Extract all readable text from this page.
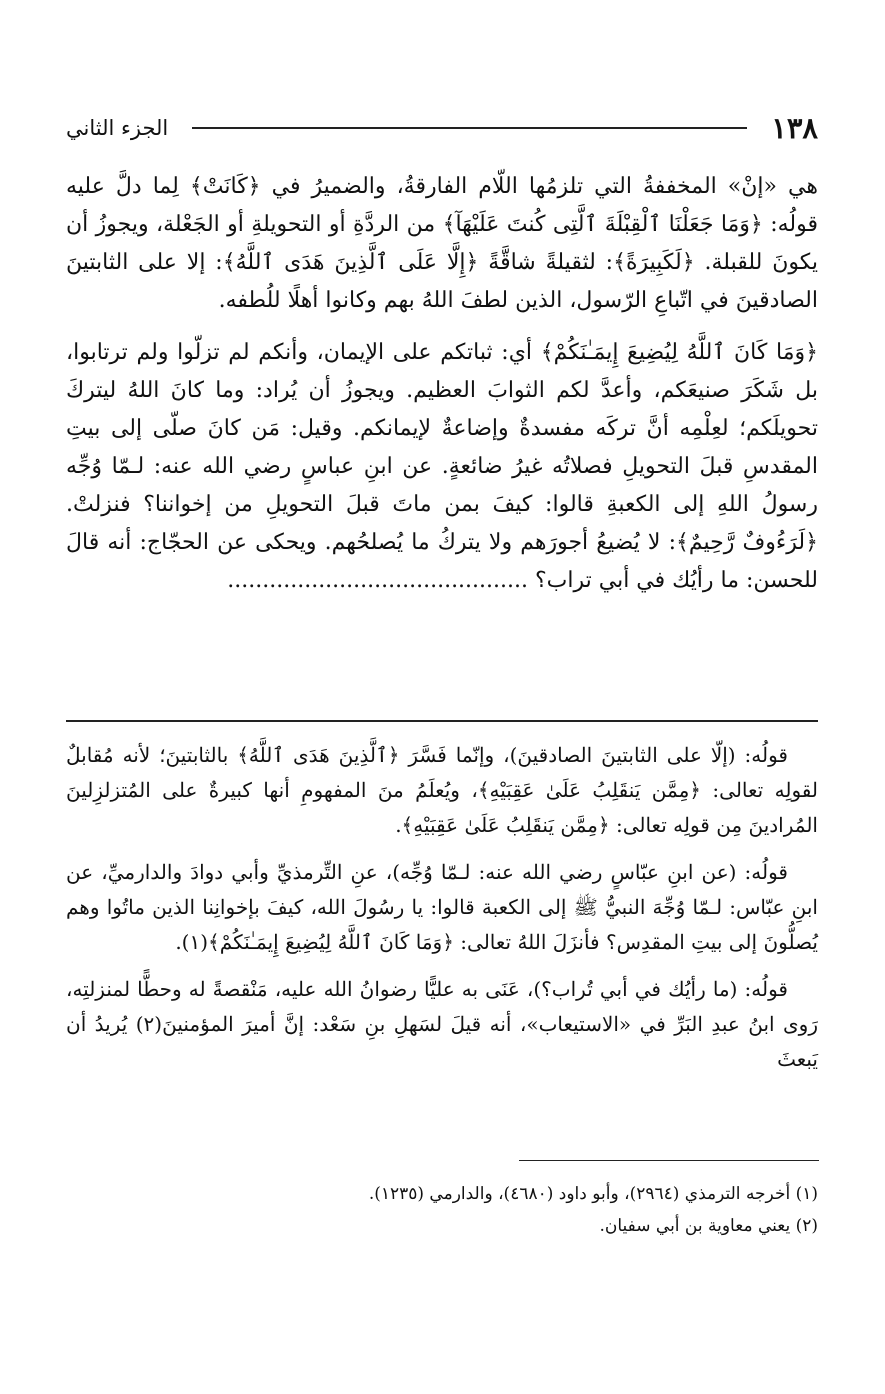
١٣٨
الجزء الثاني

هي «إنْ» المخففةُ التي تلزمُها اللّام الفارقةُ، والضميرُ في ﴿كَانَتْ﴾ لِما دلَّ عليه قولُه: ﴿وَمَا جَعَلْنَا ٱلْقِبْلَةَ ٱلَّتِى كُنتَ عَلَيْهَآ﴾ من الردَّةِ أو التحويلةِ أو الجَعْلة، ويجوزُ أن يكونَ للقبلة. ﴿لَكَبِيرَةً﴾: لثقيلةً شاقَّةً ﴿إِلَّا عَلَى ٱلَّذِينَ هَدَى ٱللَّهُ﴾: إلا على الثابتينَ الصادقينَ في اتّباعِ الرّسول، الذين لطفَ اللهُ بهم وكانوا أهلًا للُطفه.

﴿وَمَا كَانَ ٱللَّهُ لِيُضِيعَ إِيمَـٰنَكُمْ﴾ أي: ثباتكم على الإيمان، وأنكم لم تزلّوا ولم ترتابوا، بل شَكَرَ صنيعَكم، وأعدَّ لكم الثوابَ العظيم. ويجوزُ أن يُراد: وما كانَ اللهُ ليتركَ تحويلَكم؛ لعِلْمِه أنَّ تركَه مفسدةٌ وإضاعةٌ لإيمانكم. وقيل: مَن كانَ صلّى إلى بيتِ المقدسِ قبلَ التحويلِ فصلاتُه غيرُ ضائعةٍ. عن ابنِ عباسٍ رضي الله عنه: لـمّا وُجِّه رسولُ اللهِ إلى الكعبةِ قالوا: كيفَ بمن ماتَ قبلَ التحويلِ من إخواننا؟ فنزلتْ. ﴿لَرَءُوفٌ رَّحِيمٌ﴾: لا يُضيعُ أجورَهم ولا يتركُ ما يُصلحُهم. ويحكى عن الحجّاج: أنه قالَ للحسن: ما رأيُك في أبي تراب؟ ...........................................

قولُه: (إلّا على الثابتينَ الصادقينَ)، وإنّما فَسَّرَ ﴿ٱلَّذِينَ هَدَى ٱللَّهُ﴾ بالثابتينَ؛ لأنه مُقابلٌ لقولِه تعالى: ﴿مِمَّن يَنقَلِبُ عَلَىٰ عَقِبَيْهِ﴾، ويُعلَمُ منَ المفهومِ أنها كبيرةٌ على المُتزلزِلينَ المُرادينَ مِن قولِه تعالى: ﴿مِمَّن يَنقَلِبُ عَلَىٰ عَقِبَيْهِ﴾.

قولُه: (عن ابنِ عبّاسٍ رضي الله عنه: لـمّا وُجِّه)، عنِ التِّرمذيِّ وأبي دوادَ والدارميِّ، عن ابنِ عبّاس: لـمّا وُجِّهَ النبيُّ ﷺ إلى الكعبة قالوا: يا رسُولَ الله، كيفَ بإخوانِنا الذين ماتُوا وهم يُصلُّونَ إلى بيتِ المقدِس؟ فأنزَلَ اللهُ تعالى: ﴿وَمَا كَانَ ٱللَّهُ لِيُضِيعَ إِيمَـٰنَكُمْ﴾(١).

قولُه: (ما رأيُك في أبي تُراب؟)، عَنَى به عليًّا رضوانُ الله عليه، مَنْقصةً له وحطًّا لمنزلتِه، رَوى ابنُ عبدِ البَرِّ في «الاستيعاب»، أنه قيلَ لسَهلِ بنِ سَعْد: إنَّ أميرَ المؤمنينَ(٢) يُريدُ أن يَبعثَ

(١) أخرجه الترمذي (٢٩٦٤)، وأبو داود (٤٦٨٠)، والدارمي (١٢٣٥).

(٢) يعني معاوية بن أبي سفيان.
